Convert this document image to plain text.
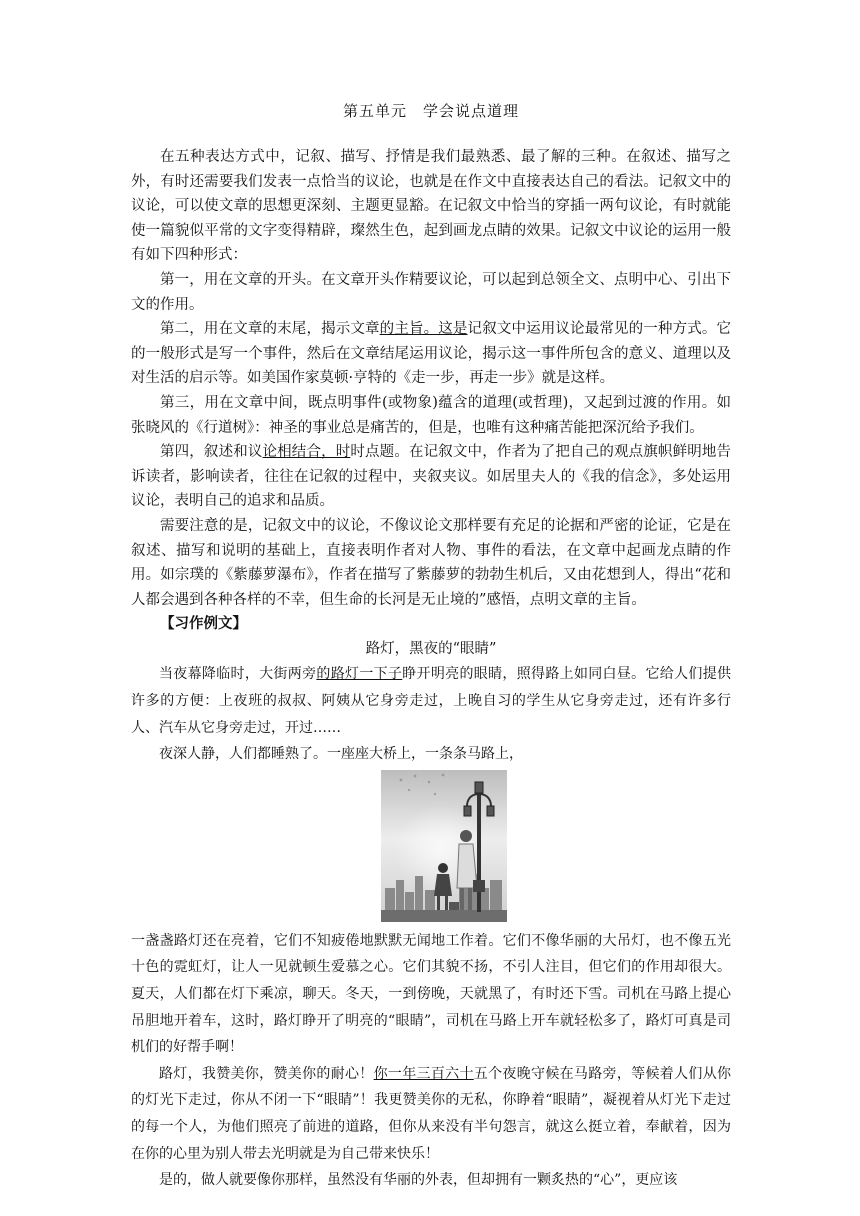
第五单元　学会说点道理

在五种表达方式中，记叙、描写、抒情是我们最熟悉、最了解的三种。在叙述、描写之外，有时还需要我们发表一点恰当的议论，也就是在作文中直接表达自己的看法。记叙文中的议论，可以使文章的思想更深刻、主题更显豁。在记叙文中恰当的穿插一两句议论，有时就能使一篇貌似平常的文字变得精辟，璨然生色，起到画龙点睛的效果。记叙文中议论的运用一般有如下四种形式：

第一，用在文章的开头。在文章开头作精要议论，可以起到总领全文、点明中心、引出下文的作用。

第二，用在文章的末尾，揭示文章的主旨。这是记叙文中运用议论最常见的一种方式。它的一般形式是写一个事件，然后在文章结尾运用议论，揭示这一事件所包含的意义、道理以及对生活的启示等。如美国作家莫顿·亨特的《走一步，再走一步》就是这样。

第三，用在文章中间，既点明事件(或物象)蕴含的道理(或哲理)，又起到过渡的作用。如张晓风的《行道树》：神圣的事业总是痛苦的，但是，也唯有这种痛苦能把深沉给予我们。

第四，叙述和议论相结合，时时点题。在记叙文中，作者为了把自己的观点旗帜鲜明地告诉读者，影响读者，往往在记叙的过程中，夹叙夹议。如居里夫人的《我的信念》，多处运用议论，表明自己的追求和品质。

需要注意的是，记叙文中的议论，不像议论文那样要有充足的论据和严密的论证，它是在叙述、描写和说明的基础上，直接表明作者对人物、事件的看法，在文章中起画龙点睛的作用。如宗璞的《紫藤萝瀑布》，作者在描写了紫藤萝的勃勃生机后，又由花想到人，得出“花和人都会遇到各种各样的不幸，但生命的长河是无止境的”感悟，点明文章的主旨。

【习作例文】
路灯，黑夜的“眼睛”

当夜幕降临时，大街两旁的路灯一下子睁开明亮的眼睛，照得路上如同白昼。它给人们提供许多的方便：上夜班的叔叔、阿姨从它身旁走过，上晚自习的学生从它身旁走过，还有许多行人、汽车从它身旁走过，开过……

夜深人静，人们都睡熟了。一座座大桥上，一条条马路上，

一盏盏路灯还在亮着，它们不知疲倦地默默无闻地工作着。它们不像华丽的大吊灯，也不像五光十色的霓虹灯，让人一见就顿生爱慕之心。它们其貌不扬，不引人注目，但它们的作用却很大。夏天，人们都在灯下乘凉，聊天。冬天，一到傍晚，天就黑了，有时还下雪。司机在马路上提心吊胆地开着车，这时，路灯睁开了明亮的“眼睛”，司机在马路上开车就轻松多了，路灯可真是司机们的好帮手啊！

路灯，我赞美你，赞美你的耐心！你一年三百六十五个夜晚守候在马路旁，等候着人们从你的灯光下走过，你从不闭一下“眼睛”！我更赞美你的无私，你睁着“眼睛”，凝视着从灯光下走过的每一个人，为他们照亮了前进的道路，但你从来没有半句怨言，就这么挺立着，奉献着，因为在你的心里为别人带去光明就是为自己带来快乐！

是的，做人就要像你那样，虽然没有华丽的外表，但却拥有一颗炙热的“心”，更应该
